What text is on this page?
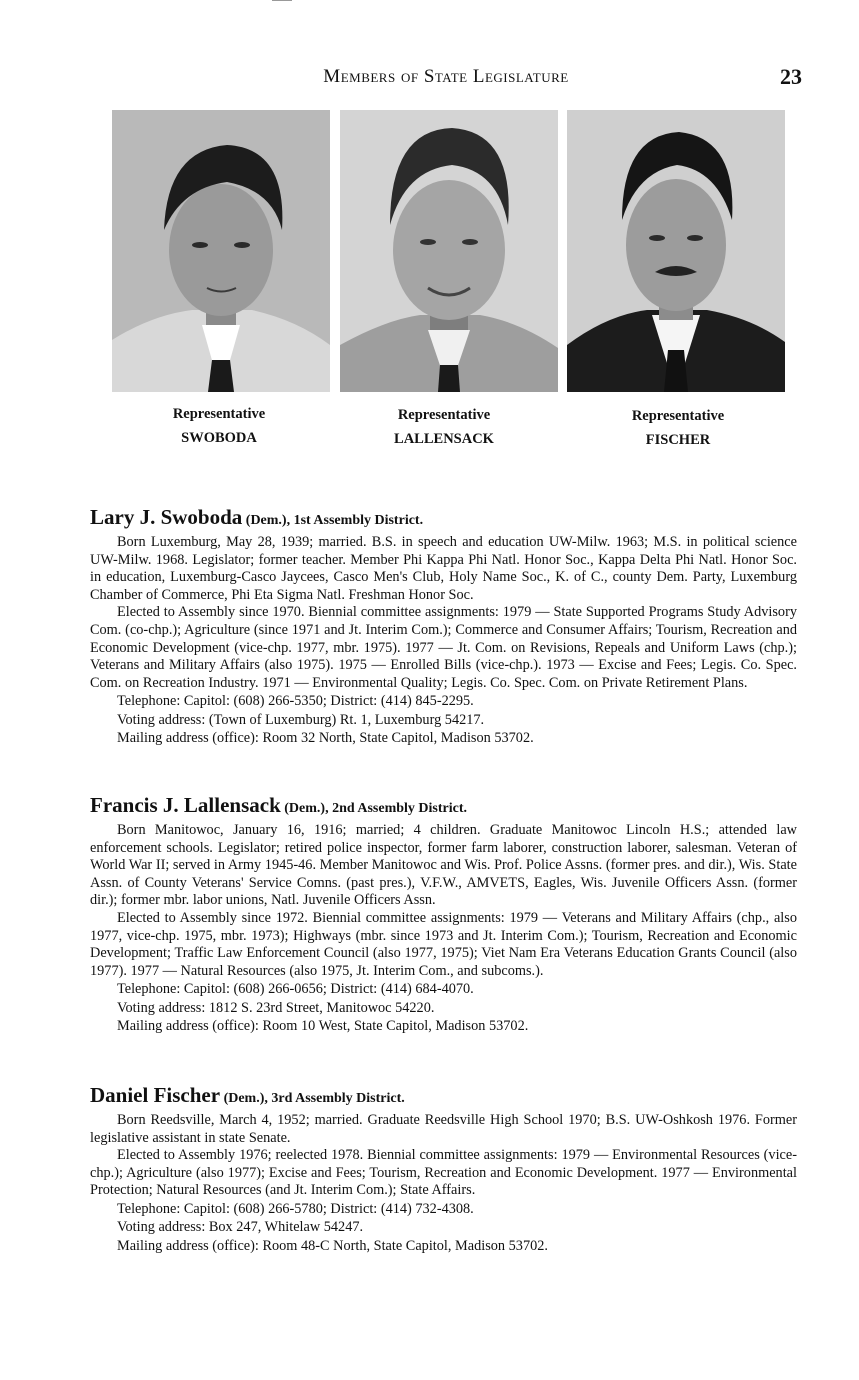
Members of State Legislature	23
Representative
SWOBODA
Representative
LALLENSACK
Representative
FISCHER
Lary J. Swoboda (Dem.), 1st Assembly District.

Born Luxemburg, May 28, 1939; married. B.S. in speech and education UW-Milw. 1963; M.S. in political science UW-Milw. 1968. Legislator; former teacher. Member Phi Kappa Phi Natl. Honor Soc., Kappa Delta Phi Natl. Honor Soc. in education, Luxemburg-Casco Jaycees, Casco Men's Club, Holy Name Soc., K. of C., county Dem. Party, Luxemburg Chamber of Commerce, Phi Eta Sigma Natl. Freshman Honor Soc.

Elected to Assembly since 1970. Biennial committee assignments: 1979 — State Supported Programs Study Advisory Com. (co-chp.); Agriculture (since 1971 and Jt. Interim Com.); Commerce and Consumer Affairs; Tourism, Recreation and Economic Development (vice-chp. 1977, mbr. 1975). 1977 — Jt. Com. on Revisions, Repeals and Uniform Laws (chp.); Veterans and Military Affairs (also 1975). 1975 — Enrolled Bills (vice-chp.). 1973 — Excise and Fees; Legis. Co. Spec. Com. on Recreation Industry. 1971 — Environmental Quality; Legis. Co. Spec. Com. on Private Retirement Plans.

Telephone: Capitol: (608) 266-5350; District: (414) 845-2295.
Voting address: (Town of Luxemburg) Rt. 1, Luxemburg 54217.
Mailing address (office): Room 32 North, State Capitol, Madison 53702.
Francis J. Lallensack (Dem.), 2nd Assembly District.

Born Manitowoc, January 16, 1916; married; 4 children. Graduate Manitowoc Lincoln H.S.; attended law enforcement schools. Legislator; retired police inspector, former farm laborer, construction laborer, salesman. Veteran of World War II; served in Army 1945-46. Member Manitowoc and Wis. Prof. Police Assns. (former pres. and dir.), Wis. State Assn. of County Veterans' Service Comns. (past pres.), V.F.W., AMVETS, Eagles, Wis. Juvenile Officers Assn. (former dir.); former mbr. labor unions, Natl. Juvenile Officers Assn.

Elected to Assembly since 1972. Biennial committee assignments: 1979 — Veterans and Military Affairs (chp., also 1977, vice-chp. 1975, mbr. 1973); Highways (mbr. since 1973 and Jt. Interim Com.); Tourism, Recreation and Economic Development; Traffic Law Enforcement Council (also 1977, 1975); Viet Nam Era Veterans Education Grants Council (also 1977). 1977 — Natural Resources (also 1975, Jt. Interim Com., and subcoms.).

Telephone: Capitol: (608) 266-0656; District: (414) 684-4070.
Voting address: 1812 S. 23rd Street, Manitowoc 54220.
Mailing address (office): Room 10 West, State Capitol, Madison 53702.
Daniel Fischer (Dem.), 3rd Assembly District.

Born Reedsville, March 4, 1952; married. Graduate Reedsville High School 1970; B.S. UW-Oshkosh 1976. Former legislative assistant in state Senate.

Elected to Assembly 1976; reelected 1978. Biennial committee assignments: 1979 — Environmental Resources (vice-chp.); Agriculture (also 1977); Excise and Fees; Tourism, Recreation and Economic Development. 1977 — Environmental Protection; Natural Resources (and Jt. Interim Com.); State Affairs.

Telephone: Capitol: (608) 266-5780; District: (414) 732-4308.
Voting address: Box 247, Whitelaw 54247.
Mailing address (office): Room 48-C North, State Capitol, Madison 53702.
